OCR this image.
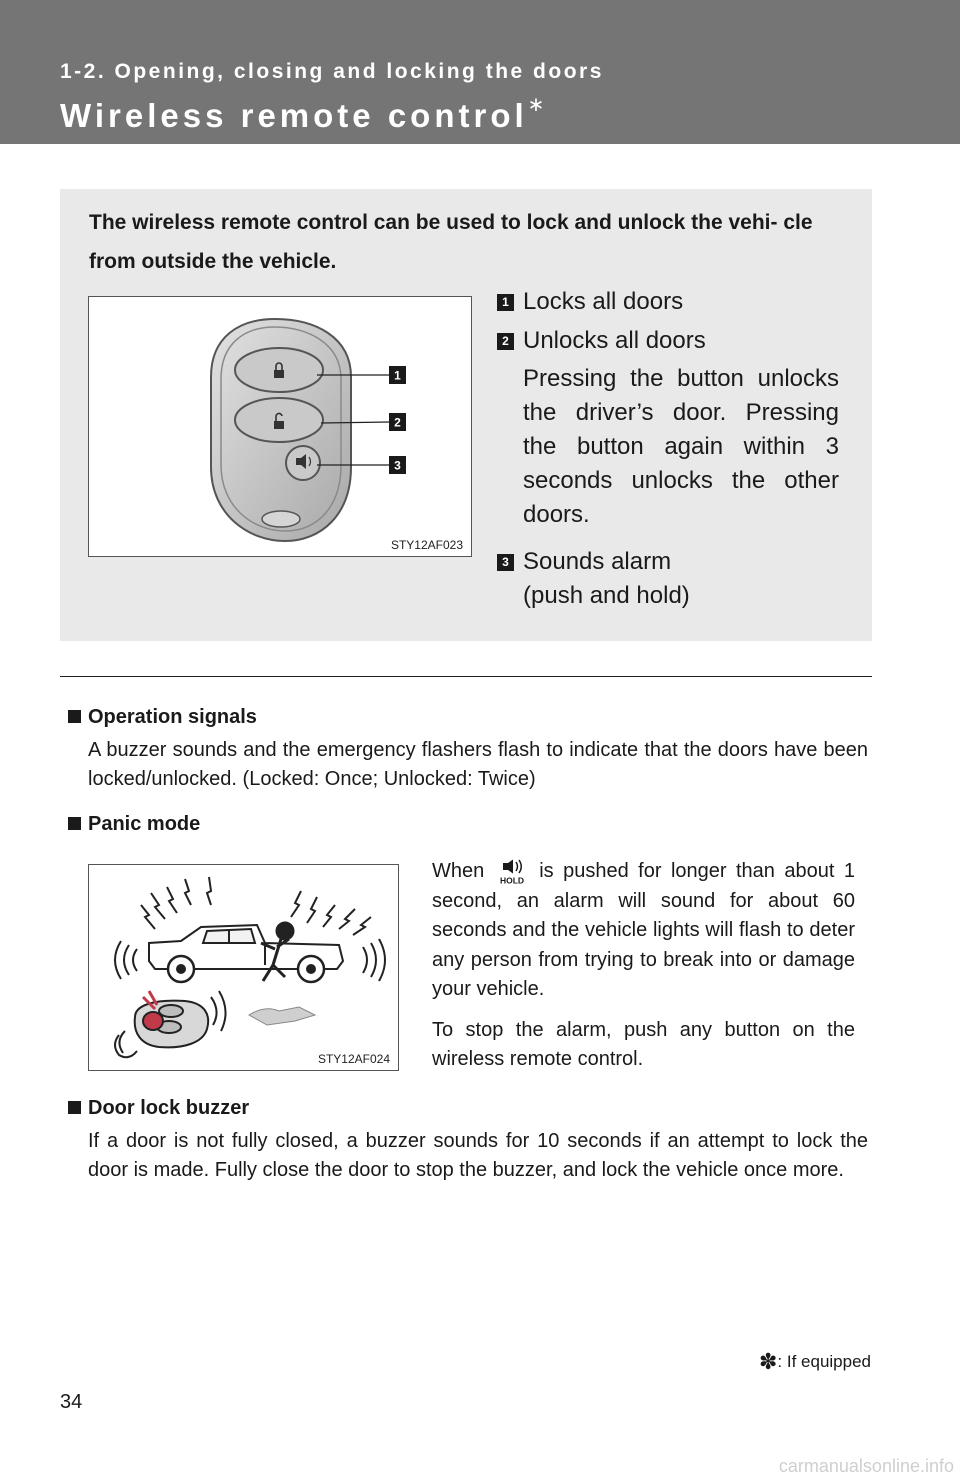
1-2. Opening, closing and locking the doors
Wireless remote control∗
The wireless remote control can be used to lock and unlock the vehi- cle from outside the vehicle.
1
2
3
STY12AF023
1 Locks all doors
2 Unlocks all doors
Pressing the button unlocks the driver’s door. Pressing the button again within 3 seconds unlocks the other doors.
3 Sounds alarm
(push and hold)
Operation signals
A buzzer sounds and the emergency flashers flash to indicate that the doors have been locked/unlocked. (Locked: Once; Unlocked: Twice)
Panic mode
STY12AF024

When HOLD is pushed for longer than about 1 second, an alarm will sound for about 60 seconds and the vehicle lights will flash to deter any person from trying to break into or damage your vehicle.

To stop the alarm, push any button on the wireless remote control.

Door lock buzzer
If a door is not fully closed, a buzzer sounds for 10 seconds if an attempt to lock the door is made. Fully close the door to stop the buzzer, and lock the vehicle once more.
✽: If equipped
34
carmanualsonline.info
